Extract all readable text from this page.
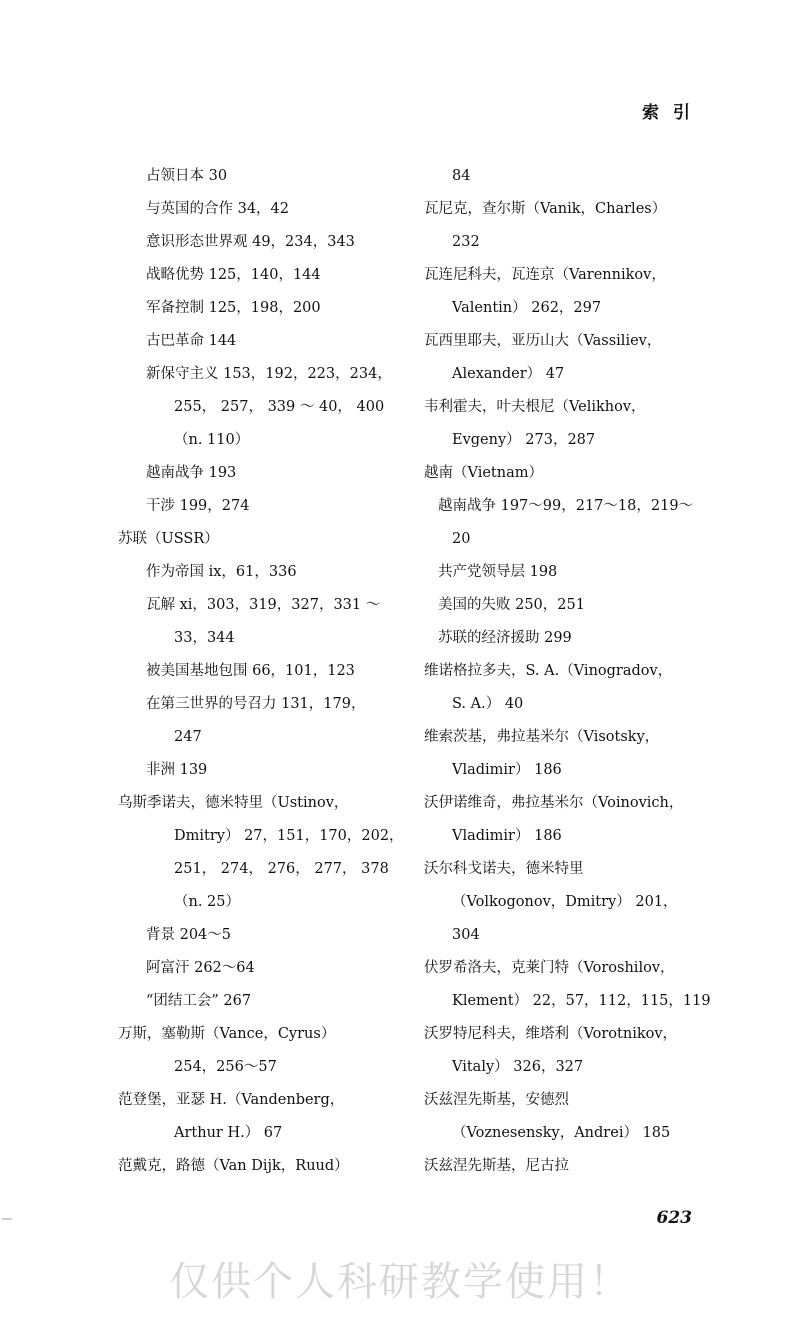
索引
占领日本 30
与英国的合作 34，42
意识形态世界观 49，234，343
战略优势 125，140，144
军备控制 125，198，200
古巴革命 144
新保守主义 153，192，223，234，
255， 257， 339 ～ 40， 400
（n. 110）
越南战争 193
干涉 199，274
苏联（USSR）
作为帝国 ix，61，336
瓦解 xi，303，319，327，331 ～
33，344
被美国基地包围 66，101，123
在第三世界的号召力 131，179，
247
非洲 139
乌斯季诺夫，德米特里（Ustinov，
Dmitry） 27，151，170，202，
251， 274， 276， 277， 378
（n. 25）
背景 204～5
阿富汗 262～64
“团结工会” 267
万斯，塞勒斯（Vance，Cyrus）
254，256～57
范登堡，亚瑟 H.（Vandenberg，
Arthur H.） 67
范戴克，路德（Van Dijk，Ruud）
84
瓦尼克，查尔斯（Vanik，Charles）
232
瓦连尼科夫，瓦连京（Varennikov，
Valentin） 262，297
瓦西里耶夫，亚历山大（Vassiliev，
Alexander） 47
韦利霍夫，叶夫根尼（Velikhov，
Evgeny） 273，287
越南（Vietnam）
越南战争 197～99，217～18，219～
20
共产党领导层 198
美国的失败 250，251
苏联的经济援助 299
维诺格拉多夫，S. A.（Vinogradov，
S. A.） 40
维索茨基，弗拉基米尔（Visotsky，
Vladimir） 186
沃伊诺维奇，弗拉基米尔（Voinovich，
Vladimir） 186
沃尔科戈诺夫，德米特里
（Volkogonov，Dmitry） 201，
304
伏罗希洛夫，克莱门特（Voroshilov，
Klement） 22，57，112，115，119
沃罗特尼科夫，维塔利（Vorotnikov，
Vitaly） 326，327
沃兹涅先斯基，安德烈
（Voznesensky，Andrei） 185
沃兹涅先斯基，尼古拉
623
仅供个人科研教学使用！
